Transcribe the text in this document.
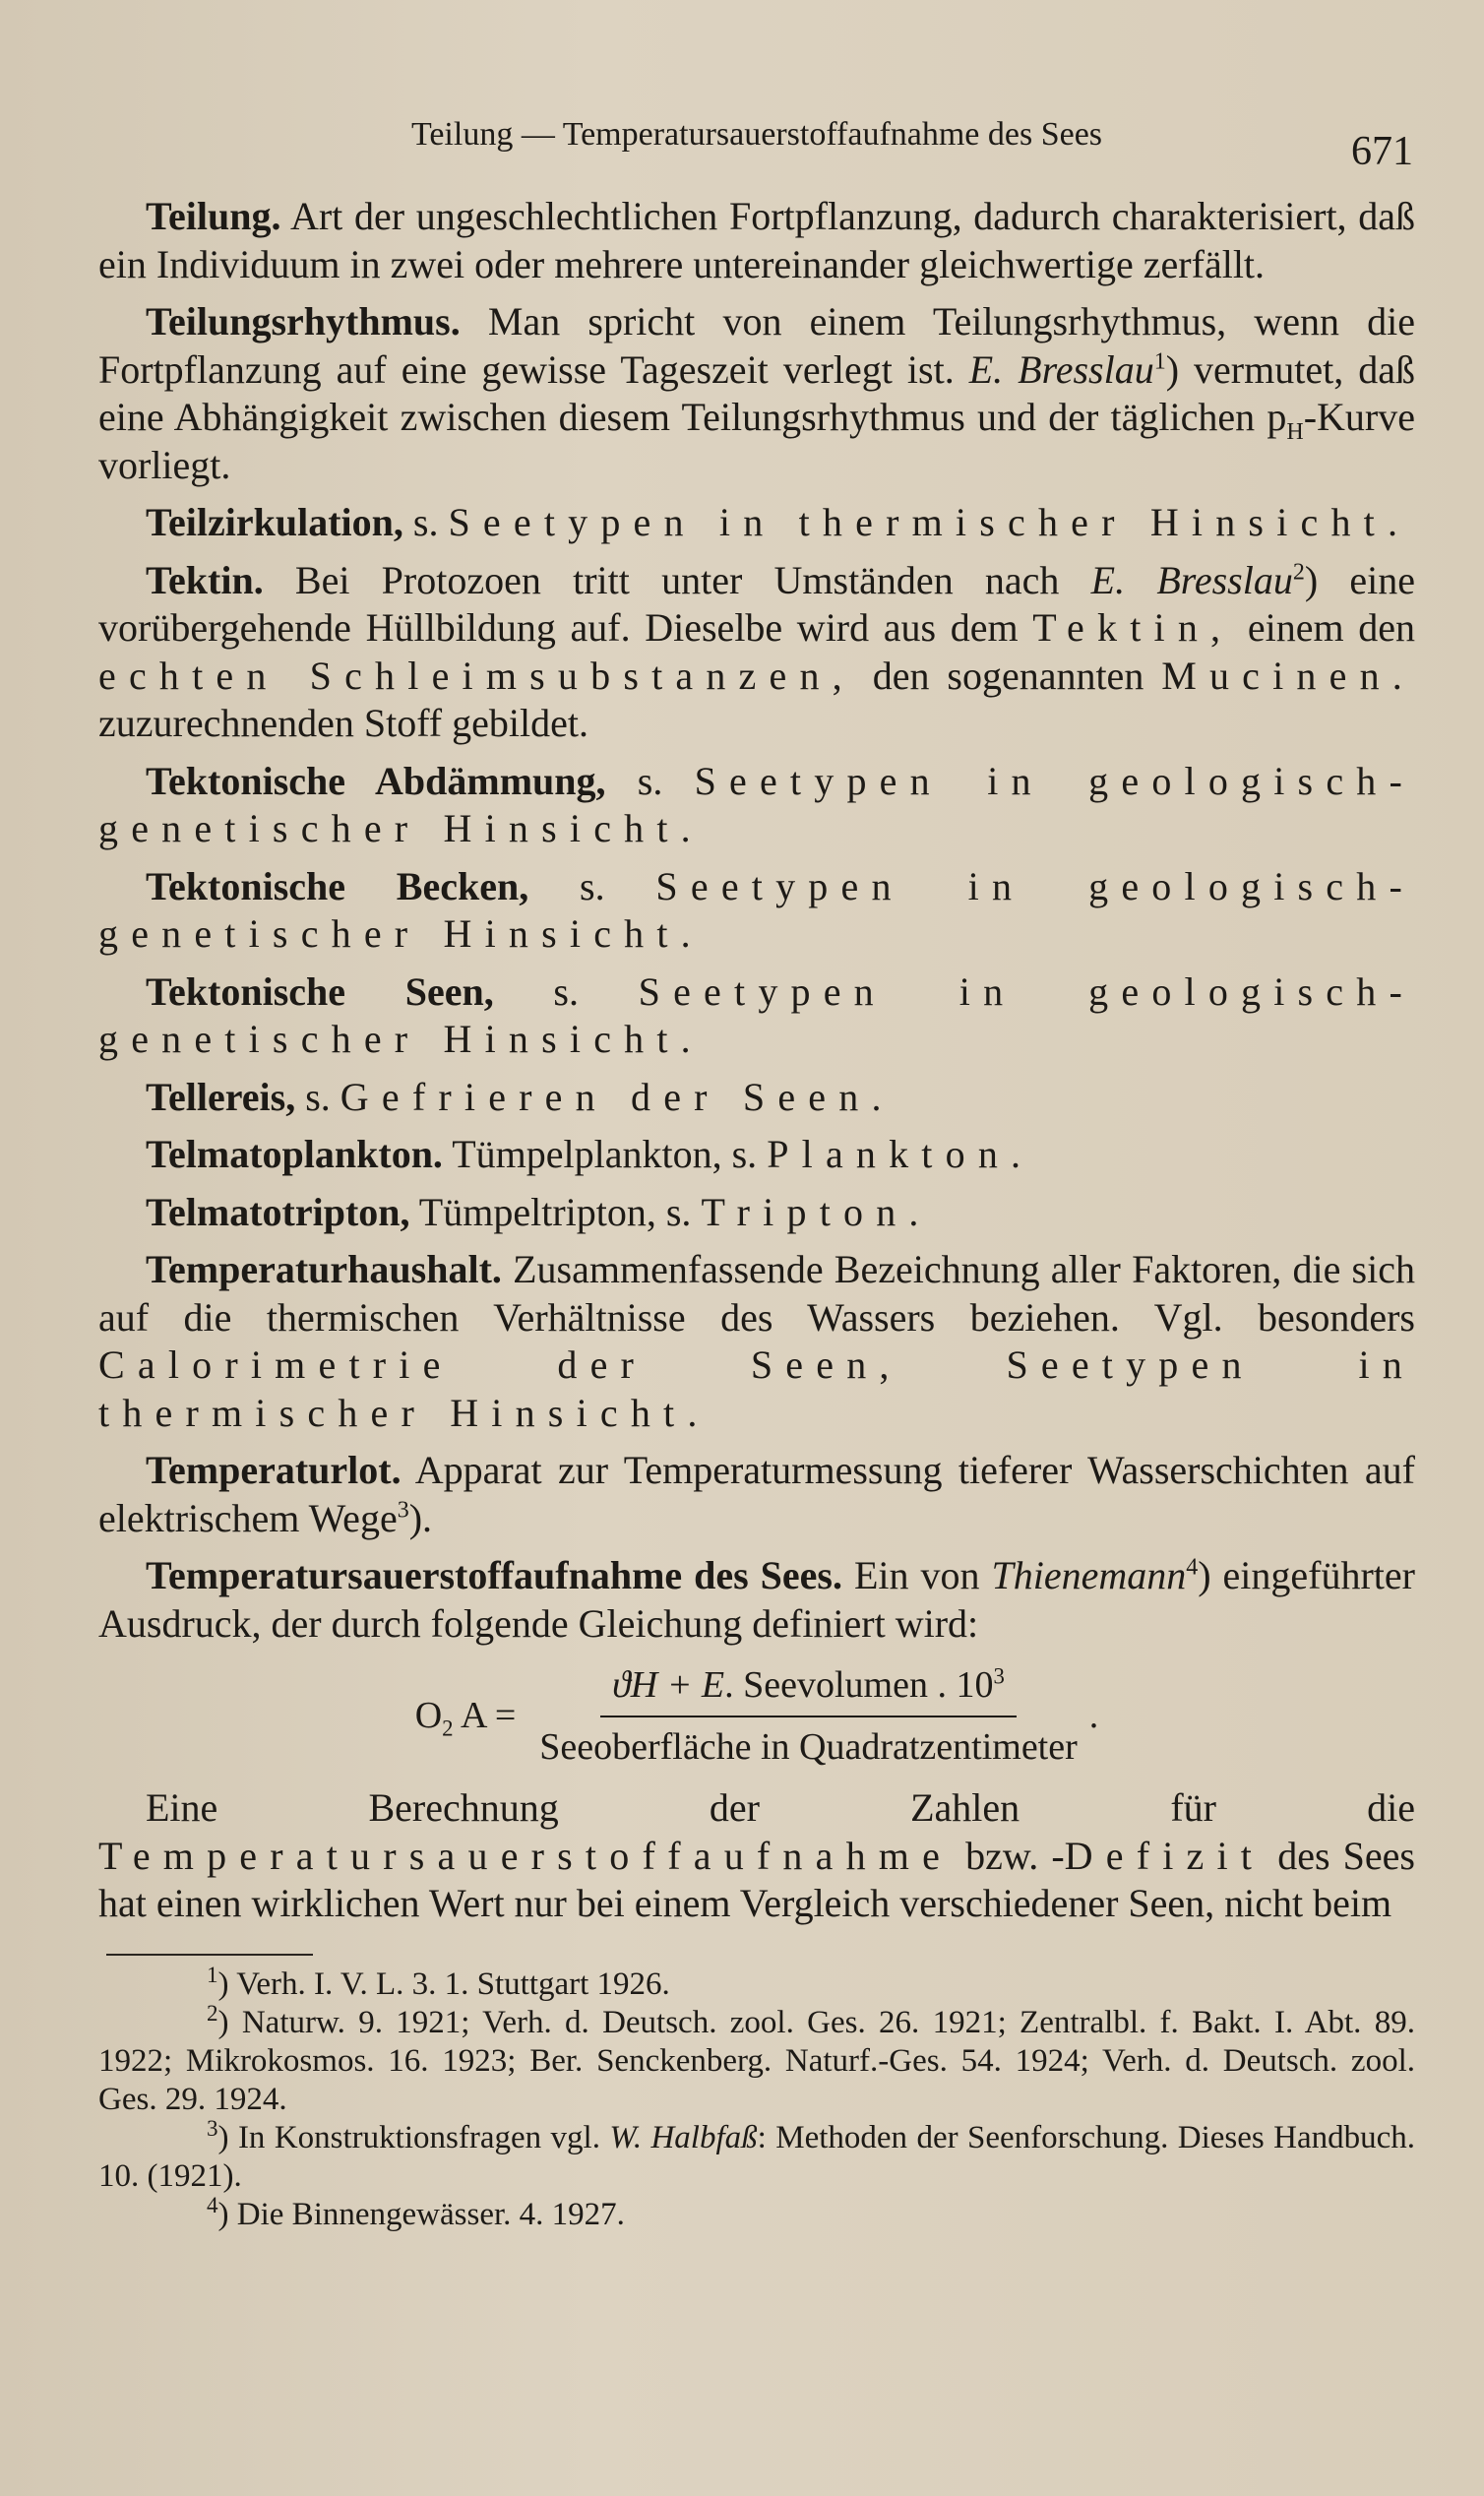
Teilung — Temperatursauerstoffaufnahme des Sees	671

Teilung. Art der ungeschlechtlichen Fortpflanzung, dadurch charakterisiert, daß ein Individuum in zwei oder mehrere untereinander gleichwertige zerfällt.

Teilungsrhythmus. Man spricht von einem Teilungsrhythmus, wenn die Fortpflanzung auf eine gewisse Tageszeit verlegt ist. E. Bresslau$^1$) vermutet, daß eine Abhängigkeit zwischen diesem Teilungsrhythmus und der täglichen $p_H$-Kurve vorliegt.

Teilzirkulation, s. Seetypen in thermischer Hinsicht.

Tektin. Bei Protozoen tritt unter Umständen nach E. Bresslau$^2$) eine vorübergehende Hüllbildung auf. Dieselbe wird aus dem Tektin, einem den echten Schleimsubstanzen, den sogenannten Mucinen. zuzurechnenden Stoff gebildet.

Tektonische Abdämmung, s. Seetypen in geologisch-genetischer Hinsicht.

Tektonische Becken, s. Seetypen in geologisch-genetischer Hinsicht.

Tektonische Seen, s. Seetypen in geologisch-genetischer Hinsicht.

Tellereis, s. Gefrieren der Seen.

Telmatoplankton. Tümpelplankton, s. Plankton.

Telmatotripton, Tümpeltripton, s. Tripton.

Temperaturhaushalt. Zusammenfassende Bezeichnung aller Faktoren, die sich auf die thermischen Verhältnisse des Wassers beziehen. Vgl. besonders Calorimetrie der Seen, Seetypen in thermischer Hinsicht.

Temperaturlot. Apparat zur Temperaturmessung tieferer Wasserschichten auf elektrischem Wege$^3$).

Temperatursauerstoffaufnahme des Sees. Ein von Thienemann$^4$) eingeführter Ausdruck, der durch folgende Gleichung definiert wird:

$O_2$ $A = \frac{ϑH + E. Seevolumen . 10^3}{\text{Seeoberfläche in Quadratzentimeter}}$ .

Eine Berechnung der Zahlen für die Temperatursauerstoffaufnahme bzw. -Defizit des Sees hat einen wirklichen Wert nur bei einem Vergleich verschiedener Seen, nicht beim

$^1$) Verh. I. V. L. 3. 1. Stuttgart 1926.

$^2$) Naturw. 9. 1921; Verh. d. Deutsch. zool. Ges. 26. 1921; Zentralbl. f. Bakt. I. Abt. 89. 1922; Mikrokosmos. 16. 1923; Ber. Senckenberg. Naturf.-Ges. 54. 1924; Verh. d. Deutsch. zool. Ges. 29. 1924.

$^3$) In Konstruktionsfragen vgl. W. Halbfaß: Methoden der Seenforschung. Dieses Handbuch. 10. (1921).

$^4$) Die Binnengewässer. 4. 1927.
